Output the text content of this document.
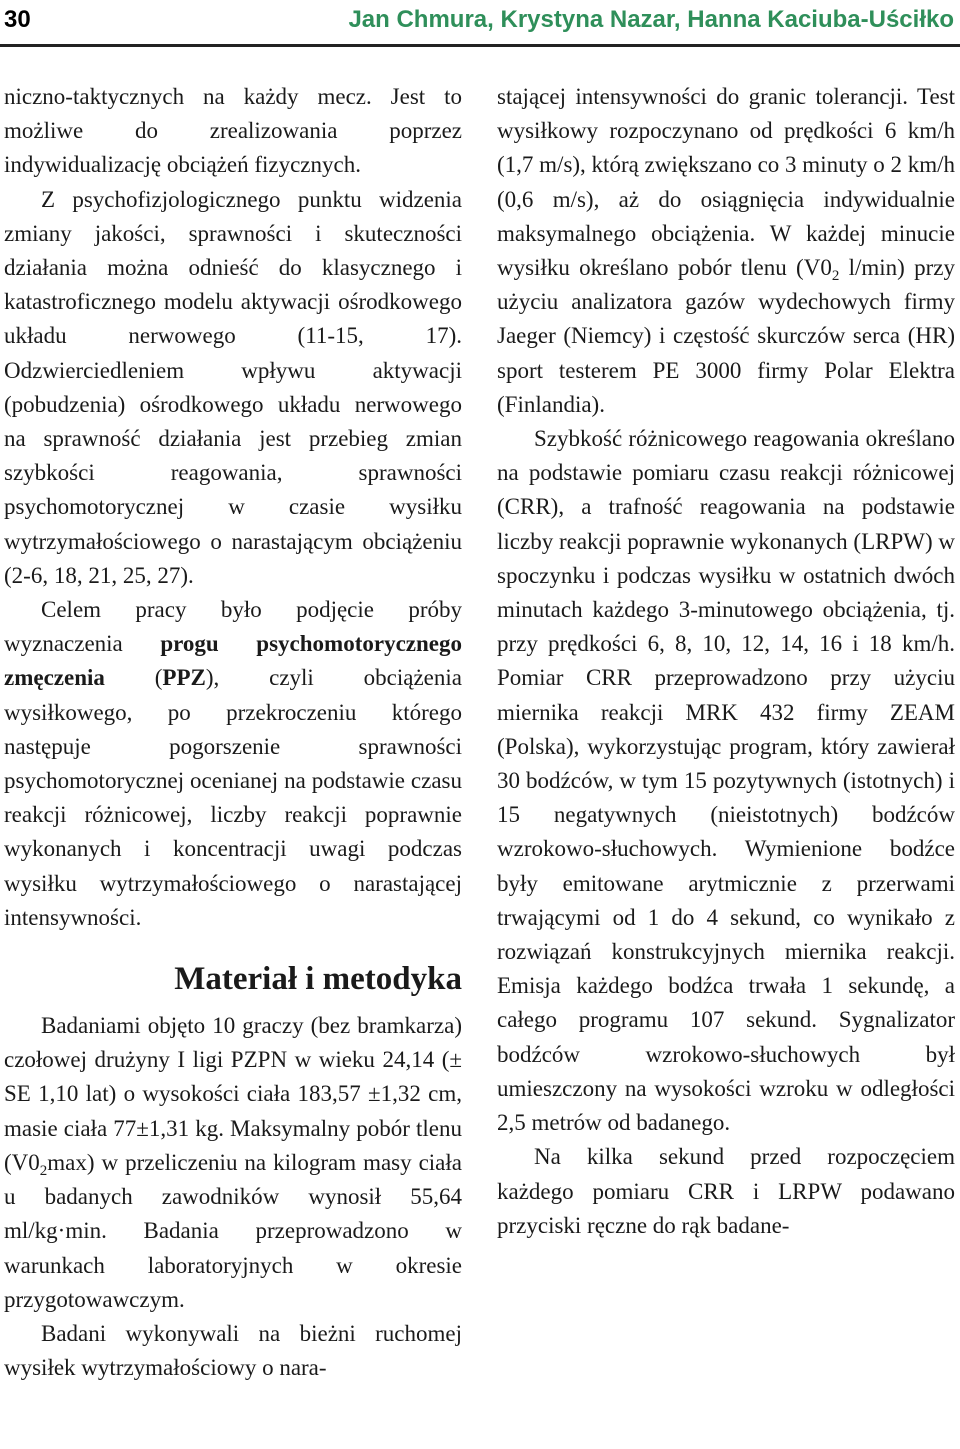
30	Jan Chmura, Krystyna Nazar, Hanna Kaciuba-Uściłko

niczno-taktycznych na każdy mecz. Jest to możliwe do zrealizowania poprzez indywidualizację obciążeń fizycznych.

Z psychofizjologicznego punktu widzenia zmiany jakości, sprawności i skuteczności działania można odnieść do klasycznego i katastroficznego modelu aktywacji ośrodkowego układu nerwowego (11-15, 17). Odzwierciedleniem wpływu aktywacji (pobudzenia) ośrodkowego układu nerwowego na sprawność działania jest przebieg zmian szybkości reagowania, sprawności psychomotorycznej w czasie wysiłku wytrzymałościowego o narastającym obciążeniu (2-6, 18, 21, 25, 27).

Celem pracy było podjęcie próby wyznaczenia progu psychomotorycznego zmęczenia (PPZ), czyli obciążenia wysiłkowego, po przekroczeniu którego następuje pogorszenie sprawności psychomotorycznej ocenianej na podstawie czasu reakcji różnicowej, liczby reakcji poprawnie wykonanych i koncentracji uwagi podczas wysiłku wytrzymałościowego o narastającej intensywności.

Materiał i metodyka

Badaniami objęto 10 graczy (bez bramkarza) czołowej drużyny I ligi PZPN w wieku 24,14 (± SE 1,10 lat) o wysokości ciała 183,57 ±1,32 cm, masie ciała 77±1,31 kg. Maksymalny pobór tlenu $(V0_2\max)$ w przeliczeniu na kilogram masy ciała u badanych zawodników wynosił 55,64 ml/kg·min. Badania przeprowadzono w warunkach laboratoryjnych w okresie przygotowawczym.

Badani wykonywali na bieżni ruchomej wysiłek wytrzymałościowy o nara-

stającej intensywności do granic tolerancji. Test wysiłkowy rozpoczynano od prędkości 6 km/h (1,7 m/s), którą zwiększano co 3 minuty o 2 km/h (0,6 m/s), aż do osiągnięcia indywidualnie maksymalnego obciążenia. W każdej minucie wysiłku określano pobór tlenu ($V0_2$ l/min) przy użyciu analizatora gazów wydechowych firmy Jaeger (Niemcy) i częstość skurczów serca (HR) sport testerem PE 3000 firmy Polar Elektra (Finlandia).

Szybkość różnicowego reagowania określano na podstawie pomiaru czasu reakcji różnicowej (CRR), a trafność reagowania na podstawie liczby reakcji poprawnie wykonanych (LRPW) w spoczynku i podczas wysiłku w ostatnich dwóch minutach każdego 3-minutowego obciążenia, tj. przy prędkości 6, 8, 10, 12, 14, 16 i 18 km/h. Pomiar CRR przeprowadzono przy użyciu miernika reakcji MRK 432 firmy ZEAM (Polska), wykorzystując program, który zawierał 30 bodźców, w tym 15 pozytywnych (istotnych) i 15 negatywnych (nieistotnych) bodźców wzrokowo-słuchowych. Wymienione bodźce były emitowane arytmicznie z przerwami trwającymi od 1 do 4 sekund, co wynikało z rozwiązań konstrukcyjnych miernika reakcji. Emisja każdego bodźca trwała 1 sekundę, a całego programu 107 sekund. Sygnalizator bodźców wzrokowo-słuchowych był umieszczony na wysokości wzroku w odległości 2,5 metrów od badanego.

Na kilka sekund przed rozpoczęciem każdego pomiaru CRR i LRPW podawano przyciski ręczne do rąk badane-
